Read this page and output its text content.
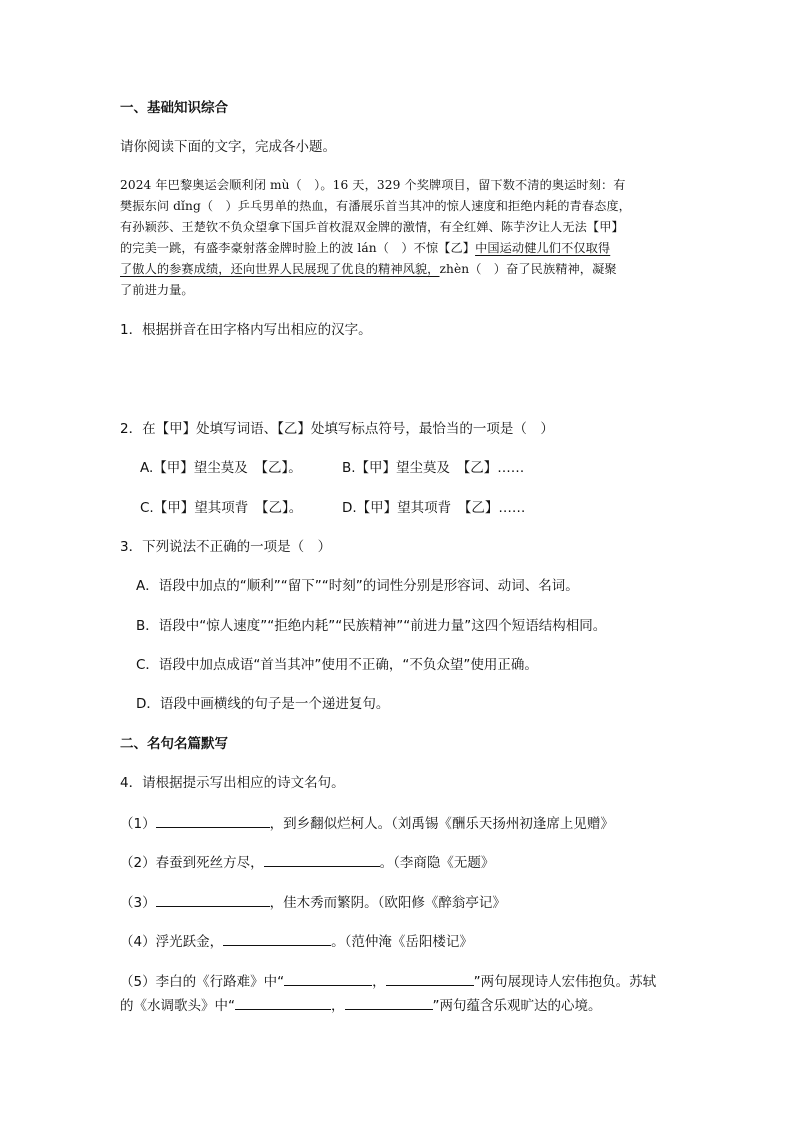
一、基础知识综合
请你阅读下面的文字，完成各小题。
2024 年巴黎奥运会顺利闭 mù（　）。16 天，329 个奖牌项目，留下数不清的奥运时刻：有
樊振东问 dǐng（　）乒乓男单的热血，有潘展乐首当其冲的惊人速度和拒绝内耗的青春态度，
有孙颖莎、王楚钦不负众望拿下国乒首枚混双金牌的激情，有全红婵、陈芋汐让人无法【甲】
的完美一跳，有盛李豪射落金牌时脸上的波 lán（　）不惊【乙】中国运动健儿们不仅取得
了傲人的参赛成绩，还向世界人民展现了优良的精神风貌，zhèn（　）奋了民族精神，凝聚
了前进力量。
1．根据拼音在田字格内写出相应的汉字。
2．在【甲】处填写词语、【乙】处填写标点符号，最恰当的一项是（　）
A.【甲】望尘莫及　【乙】。	B.【甲】望尘莫及　【乙】……
C.【甲】望其项背　【乙】。	D.【甲】望其项背　【乙】……
3．下列说法不正确的一项是（　）
A．语段中加点的“顺利”“留下”“时刻”的词性分别是形容词、动词、名词。
B．语段中“惊人速度”“拒绝内耗”“民族精神”“前进力量”这四个短语结构相同。
C．语段中加点成语“首当其冲”使用不正确，“不负众望”使用正确。
D．语段中画横线的句子是一个递进复句。
二、名句名篇默写
4．请根据提示写出相应的诗文名句。
（1）	，到乡翻似烂柯人。（刘禹锡《酬乐天扬州初逢席上见赠》
（2）春蚕到死丝方尽，	。（李商隐《无题》
（3）	，佳木秀而繁阴。（欧阳修《醉翁亭记》
（4）浮光跃金，	。（范仲淹《岳阳楼记》
（5）李白的《行路难》中“	，	”两句展现诗人宏伟抱负。苏轼
的《水调歌头》中“	，	”两句蕴含乐观旷达的心境。
